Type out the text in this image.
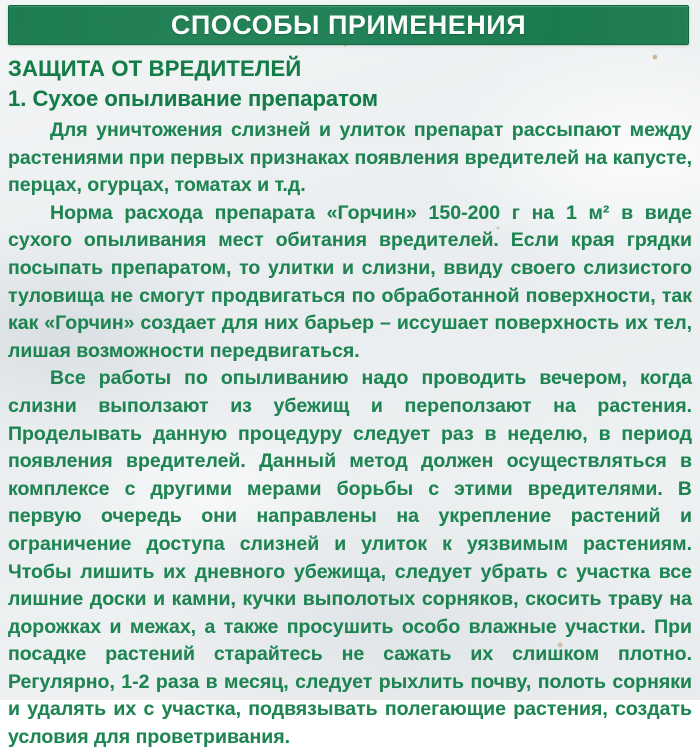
СПОСОБЫ ПРИМЕНЕНИЯ
ЗАЩИТА ОТ ВРЕДИТЕЛЕЙ
1. Сухое опыливание препаратом

Для уничтожения слизней и улиток препарат рассыпают между растениями при первых признаках появления вредителей на капусте, перцах, огурцах, томатах и т.д.

Норма расхода препарата «Горчин» 150-200 г на 1 м² в виде сухого опыливания мест обитания вредителей. Если края грядки посыпать препаратом, то улитки и слизни, ввиду своего слизистого туловища не смогут продвигаться по обработанной поверхности, так как «Горчин» создает для них барьер – иссушает поверхность их тел, лишая возможности передвигаться.

Все работы по опыливанию надо проводить вечером, когда слизни выползают из убежищ и переползают на растения. Проделывать данную процедуру следует раз в неделю, в период появления вредителей. Данный метод должен осуществляться в комплексе с другими мерами борьбы с этими вредителями. В первую очередь они направлены на укрепление растений и ограничение доступа слизней и улиток к уязвимым растениям. Чтобы лишить их дневного убежища, следует убрать с участка все лишние доски и камни, кучки выполотых сорняков, скосить траву на дорожках и межах, а также просушить особо влажные участки. При посадке растений старайтесь не сажать их слишком плотно. Регулярно, 1-2 раза в месяц, следует рыхлить почву, полоть сорняки и удалять их с участка, подвязывать полегающие растения, создать условия для проветривания.
